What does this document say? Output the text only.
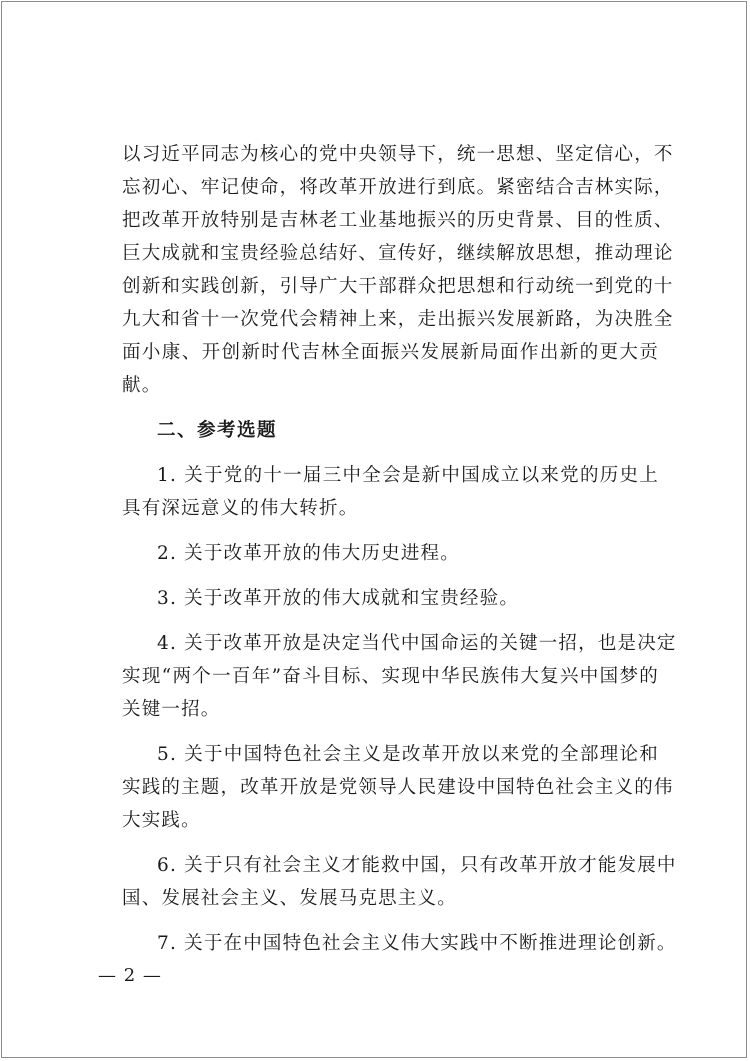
以习近平同志为核心的党中央领导下，统一思想、坚定信心，不
忘初心、牢记使命，将改革开放进行到底。紧密结合吉林实际，
把改革开放特别是吉林老工业基地振兴的历史背景、目的性质、
巨大成就和宝贵经验总结好、宣传好，继续解放思想，推动理论
创新和实践创新，引导广大干部群众把思想和行动统一到党的十
九大和省十一次党代会精神上来，走出振兴发展新路，为决胜全
面小康、开创新时代吉林全面振兴发展新局面作出新的更大贡
献。
二、参考选题
1. 关于党的十一届三中全会是新中国成立以来党的历史上
具有深远意义的伟大转折。
2. 关于改革开放的伟大历史进程。
3. 关于改革开放的伟大成就和宝贵经验。
4. 关于改革开放是决定当代中国命运的关键一招，也是决定
实现“两个一百年”奋斗目标、实现中华民族伟大复兴中国梦的
关键一招。
5. 关于中国特色社会主义是改革开放以来党的全部理论和
实践的主题，改革开放是党领导人民建设中国特色社会主义的伟
大实践。
6. 关于只有社会主义才能救中国，只有改革开放才能发展中
国、发展社会主义、发展马克思主义。
7. 关于在中国特色社会主义伟大实践中不断推进理论创新。
— 2 —
